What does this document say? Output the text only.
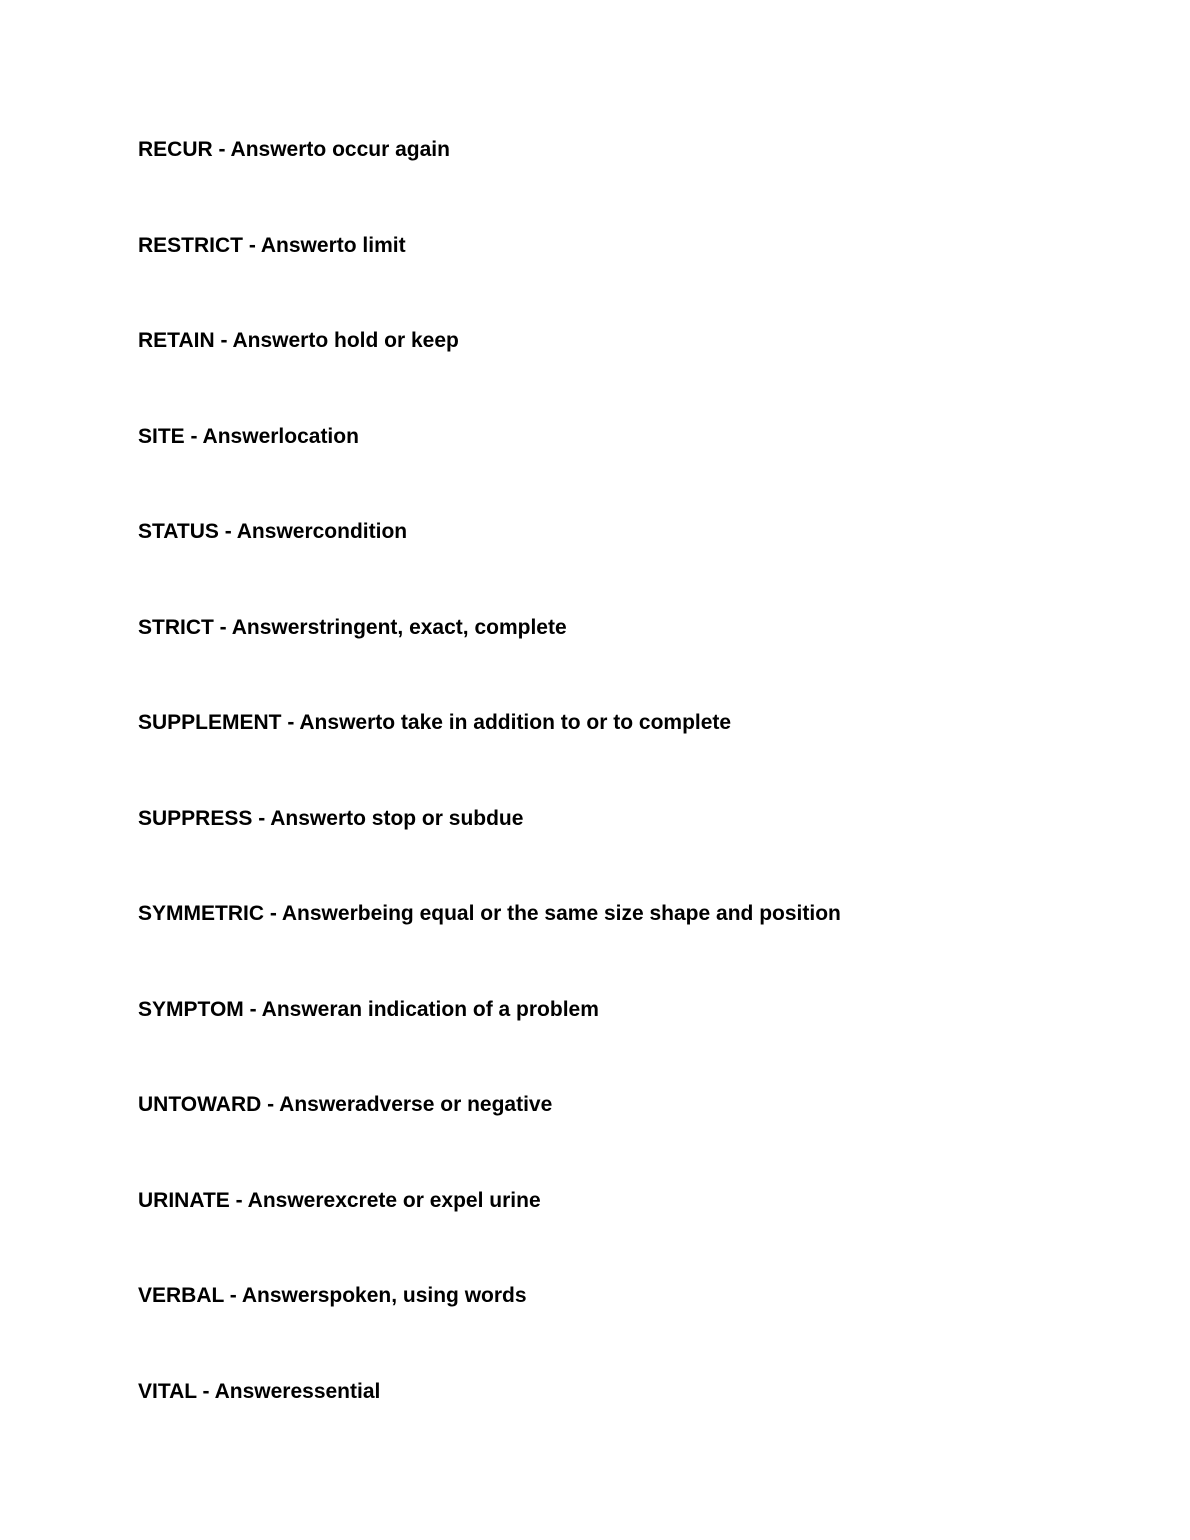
RECUR - Answerto occur again

RESTRICT - Answerto limit

RETAIN - Answerto hold or keep

SITE - Answerlocation

STATUS - Answercondition

STRICT - Answerstringent, exact, complete

SUPPLEMENT - Answerto take in addition to or to complete

SUPPRESS - Answerto stop or subdue

SYMMETRIC - Answerbeing equal or the same size shape and position

SYMPTOM - Answeran indication of a problem

UNTOWARD - Answeradverse or negative

URINATE - Answerexcrete or expel urine

VERBAL - Answerspoken, using words

VITAL - Answeressential
